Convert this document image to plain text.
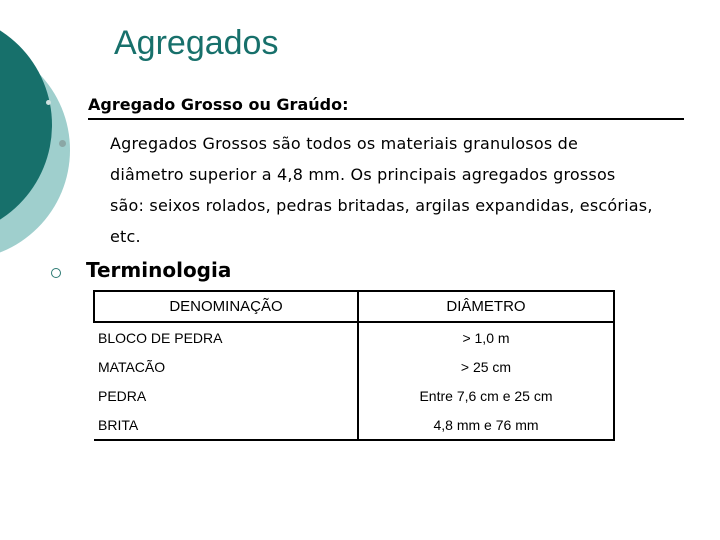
Agregados
Agregado Grosso ou Graúdo:
Agregados Grossos são todos os materiais granulosos de
diâmetro superior a 4,8 mm. Os principais agregados grossos
são: seixos rolados, pedras britadas, argilas expandidas, escórias,
etc.
Terminologia
DENOMINAÇÃO	DIÂMETRO
BLOCO DE PEDRA	> 1,0 m
MATACÃO	> 25 cm
PEDRA	Entre 7,6 cm e 25 cm
BRITA	4,8 mm e 76 mm
